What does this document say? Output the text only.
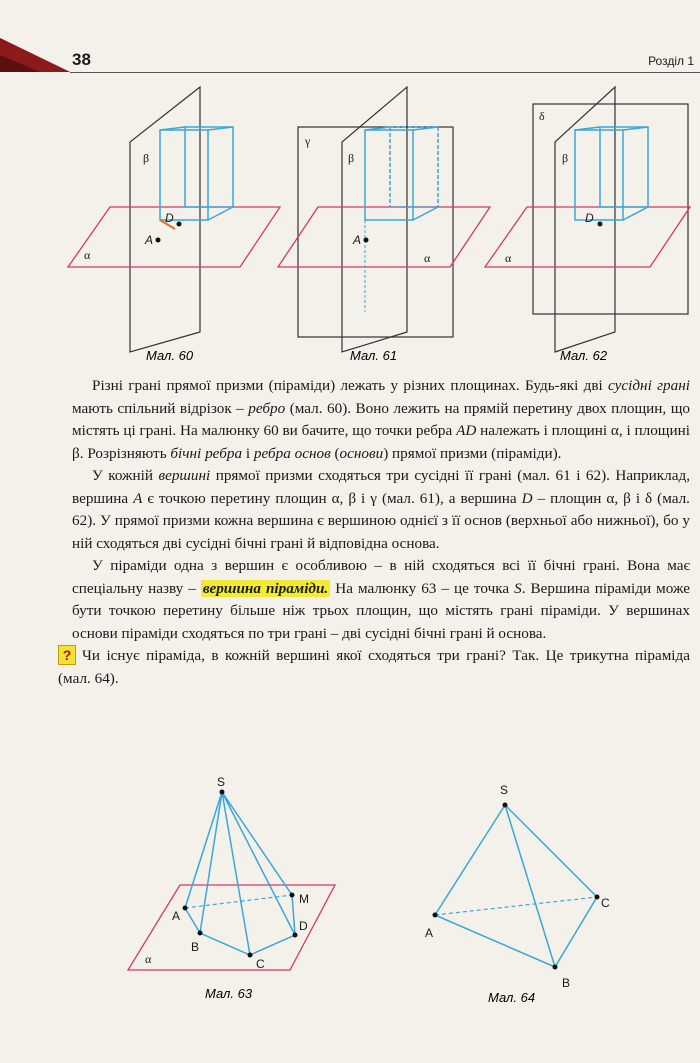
38	Розділ 1
β
α
A
D
Мал. 60
γ
β
α
A
Мал. 61
δ
β
α
D
Мал. 62

Різні грані прямої призми (піраміди) лежать у різних площинах. Будь-які дві сусідні грані мають спільний відрізок – ребро (мал. 60). Воно лежить на прямій перетину двох площин, що містять ці грані. На малюнку 60 ви бачите, що точки ребра AD належать і площині α, і площині β. Розрізняють бічні ребра і ребра основ (основи) прямої призми (піраміди).

У кожній вершині прямої призми сходяться три сусідні її грані (мал. 61 і 62). Наприклад, вершина A є точкою перетину площин α, β і γ (мал. 61), а вершина D – площин α, β і δ (мал. 62). У прямої призми кожна вершина є вершиною однієї з її основ (верхньої або нижньої), бо у ній сходяться дві сусідні бічні грані й відповідна основа.

У піраміди одна з вершин є особливою – в ній сходяться всі її бічні грані. Вона має спеціальну назву – вершина піраміди. На малюнку 63 – це точка S. Вершина піраміди може бути точкою перетину більше ніж трьох площин, що містять грані піраміди. У вершинах основи піраміди сходяться по три грані – дві сусідні бічні грані й основа.

? Чи існує піраміда, в кожній вершині якої сходяться три грані? Так. Це трикутна піраміда (мал. 64).

S
A
B
C
D
M
α
Мал. 63
S
A
B
C
Мал. 64
